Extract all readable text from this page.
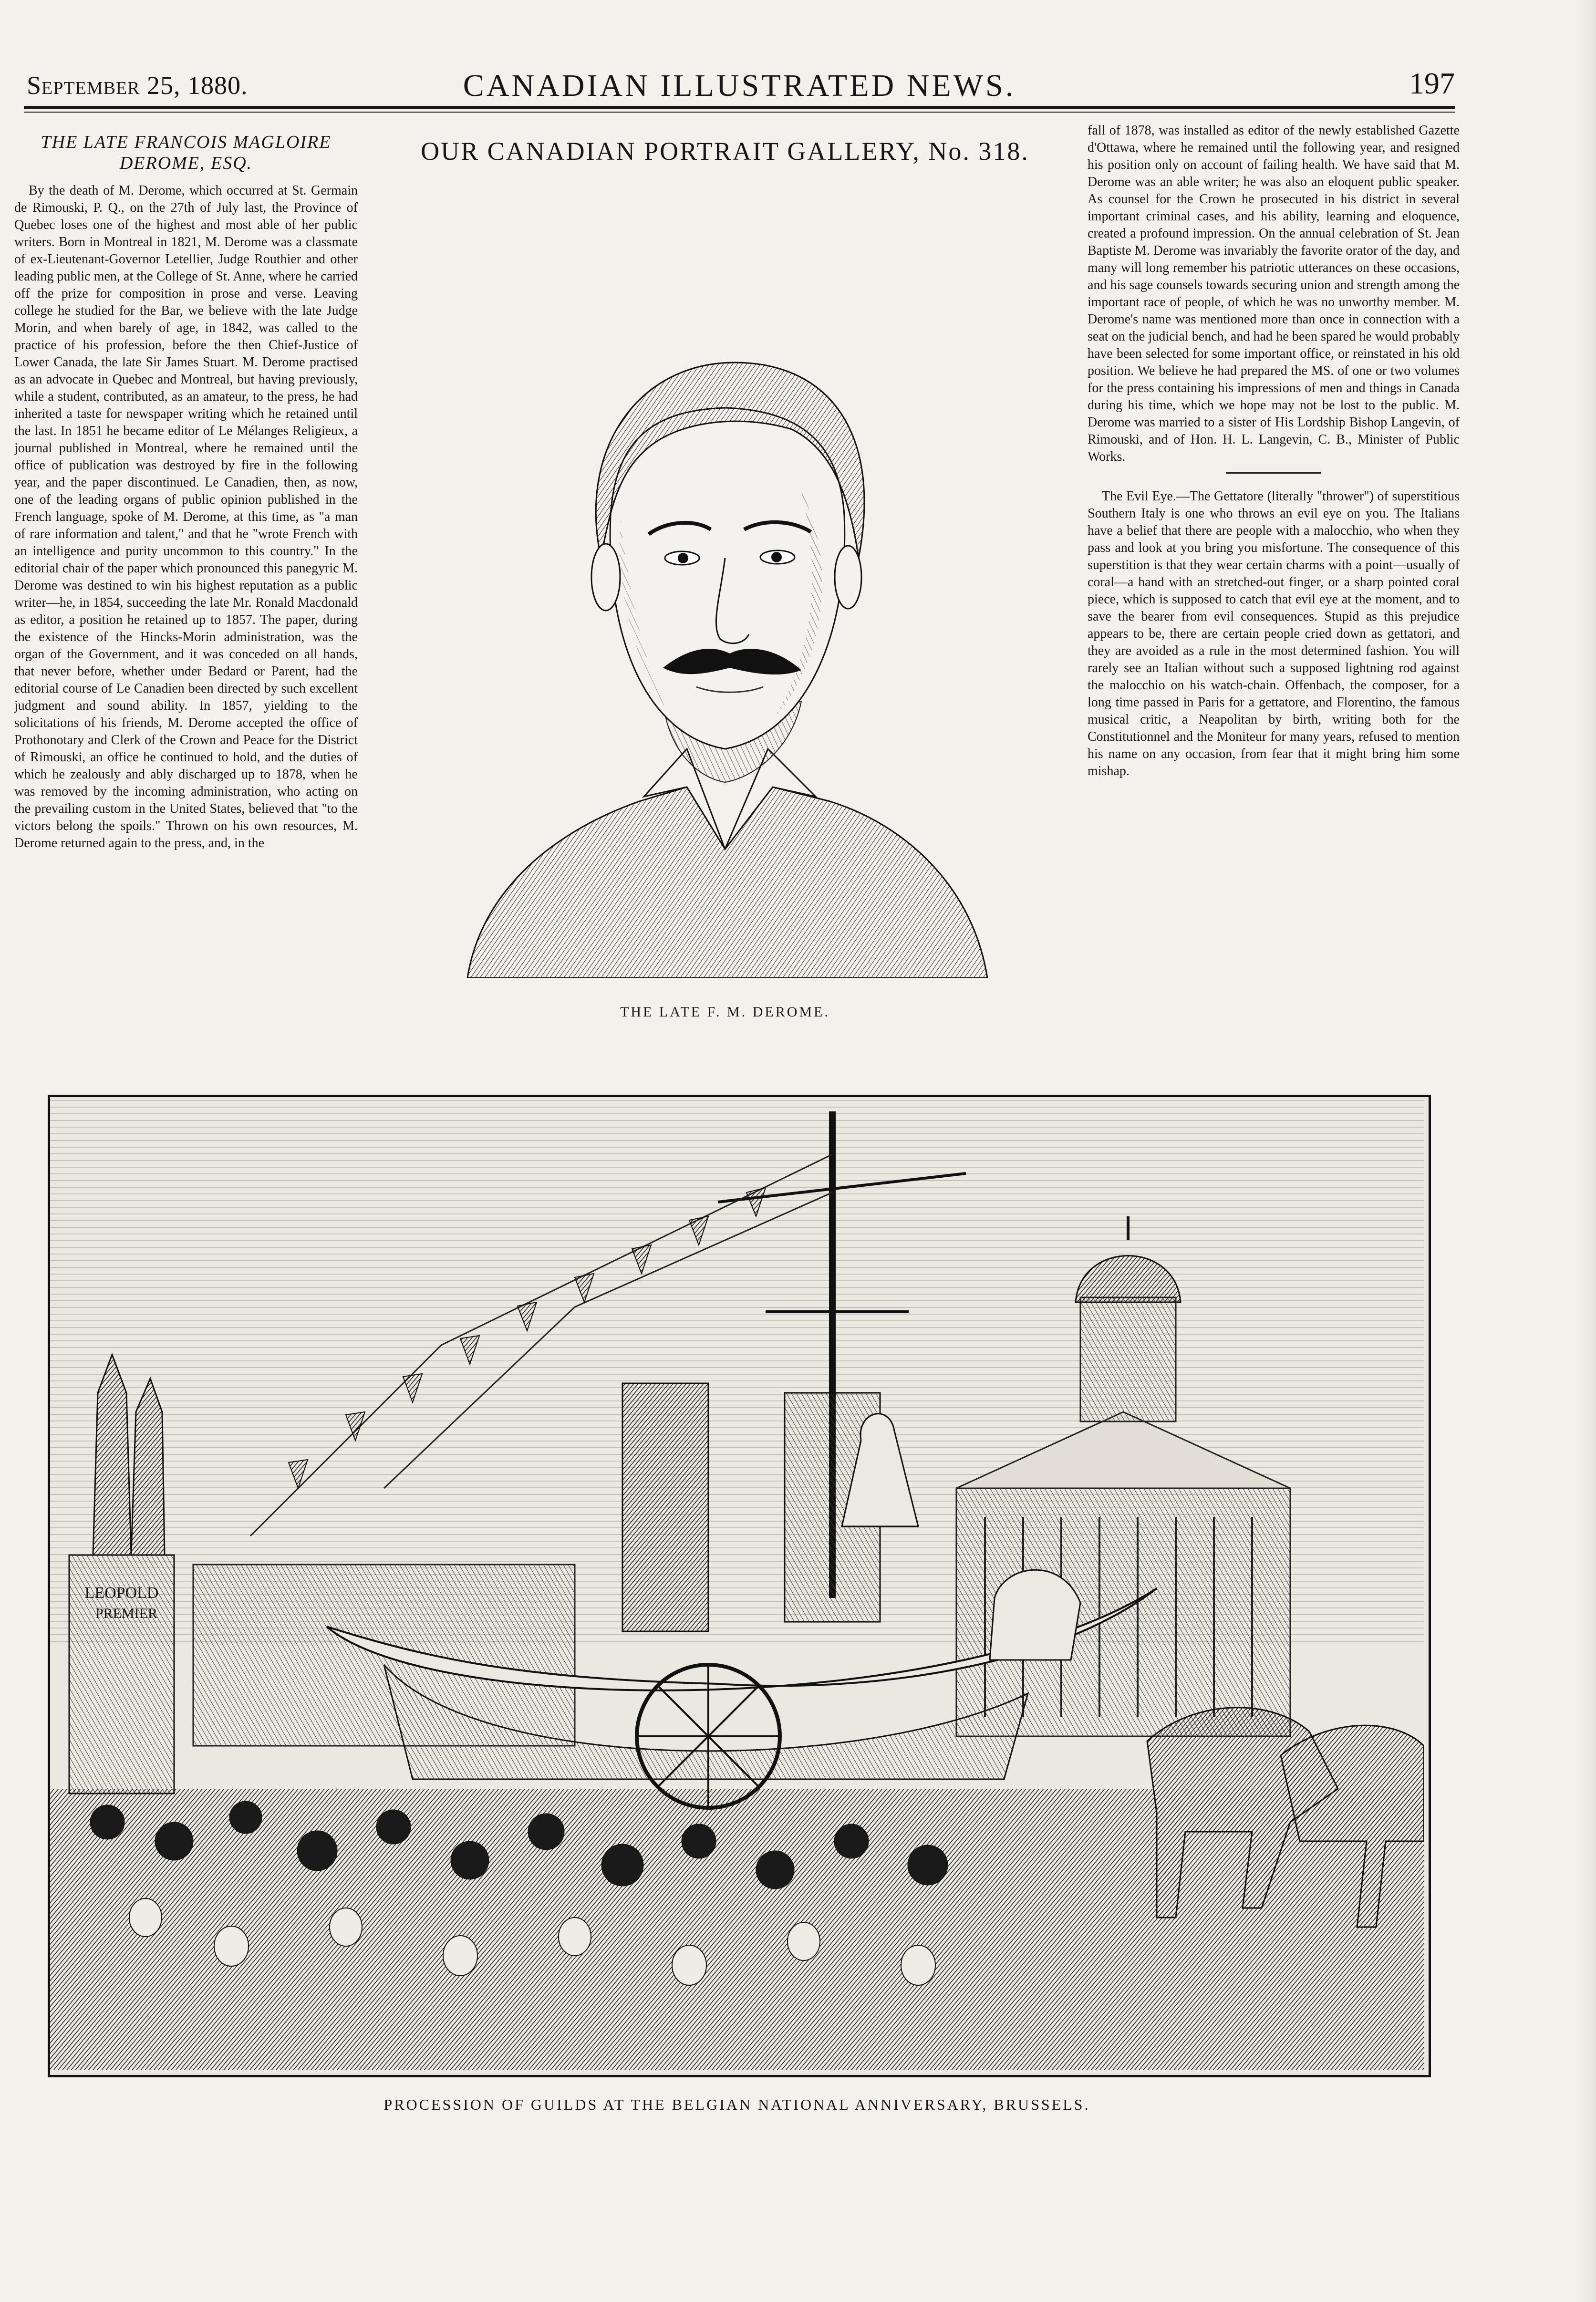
September 25, 1880.	CANADIAN ILLUSTRATED NEWS.	197
THE LATE FRANCOIS MAGLOIRE DEROME, ESQ.

By the death of M. Derome, which occurred at St. Germain de Rimouski, P. Q., on the 27th of July last, the Province of Quebec loses one of the highest and most able of her public writers. Born in Montreal in 1821, M. Derome was a classmate of ex-Lieutenant-Governor Letellier, Judge Routhier and other leading public men, at the College of St. Anne, where he carried off the prize for composition in prose and verse. Leaving college he studied for the Bar, we believe with the late Judge Morin, and when barely of age, in 1842, was called to the practice of his profession, before the then Chief-Justice of Lower Canada, the late Sir James Stuart. M. Derome practised as an advocate in Quebec and Montreal, but having previously, while a student, contributed, as an amateur, to the press, he had inherited a taste for newspaper writing which he retained until the last. In 1851 he became editor of Le Mélanges Religieux, a journal published in Montreal, where he remained until the office of publication was destroyed by fire in the following year, and the paper discontinued. Le Canadien, then, as now, one of the leading organs of public opinion published in the French language, spoke of M. Derome, at this time, as "a man of rare information and talent," and that he "wrote French with an intelligence and purity uncommon to this country." In the editorial chair of the paper which pronounced this panegyric M. Derome was destined to win his highest reputation as a public writer—he, in 1854, succeeding the late Mr. Ronald Macdonald as editor, a position he retained up to 1857. The paper, during the existence of the Hincks-Morin administration, was the organ of the Government, and it was conceded on all hands, that never before, whether under Bedard or Parent, had the editorial course of Le Canadien been directed by such excellent judgment and sound ability. In 1857, yielding to the solicitations of his friends, M. Derome accepted the office of Prothonotary and Clerk of the Crown and Peace for the District of Rimouski, an office he continued to hold, and the duties of which he zealously and ably discharged up to 1878, when he was removed by the incoming administration, who acting on the prevailing custom in the United States, believed that "to the victors belong the spoils." Thrown on his own resources, M. Derome returned again to the press, and, in the

OUR CANADIAN PORTRAIT GALLERY, No. 318.
THE LATE F. M. DEROME.

fall of 1878, was installed as editor of the newly established Gazette d'Ottawa, where he remained until the following year, and resigned his position only on account of failing health. We have said that M. Derome was an able writer; he was also an eloquent public speaker. As counsel for the Crown he prosecuted in his district in several important criminal cases, and his ability, learning and eloquence, created a profound impression. On the annual celebration of St. Jean Baptiste M. Derome was invariably the favorite orator of the day, and many will long remember his patriotic utterances on these occasions, and his sage counsels towards securing union and strength among the important race of people, of which he was no unworthy member. M. Derome's name was mentioned more than once in connection with a seat on the judicial bench, and had he been spared he would probably have been selected for some important office, or reinstated in his old position. We believe he had prepared the MS. of one or two volumes for the press containing his impressions of men and things in Canada during his time, which we hope may not be lost to the public. M. Derome was married to a sister of His Lordship Bishop Langevin, of Rimouski, and of Hon. H. L. Langevin, C. B., Minister of Public Works.

The Evil Eye.—The Gettatore (literally "thrower") of superstitious Southern Italy is one who throws an evil eye on you. The Italians have a belief that there are people with a malocchio, who when they pass and look at you bring you misfortune. The consequence of this superstition is that they wear certain charms with a point—usually of coral—a hand with an stretched-out finger, or a sharp pointed coral piece, which is supposed to catch that evil eye at the moment, and to save the bearer from evil consequences. Stupid as this prejudice appears to be, there are certain people cried down as gettatori, and they are avoided as a rule in the most determined fashion. You will rarely see an Italian without such a supposed lightning rod against the malocchio on his watch-chain. Offenbach, the composer, for a long time passed in Paris for a gettatore, and Florentino, the famous musical critic, a Neapolitan by birth, writing both for the Constitutionnel and the Moniteur for many years, refused to mention his name on any occasion, from fear that it might bring him some mishap.

LEOPOLD
PREMIER
PROCESSION OF GUILDS AT THE BELGIAN NATIONAL ANNIVERSARY, BRUSSELS.
